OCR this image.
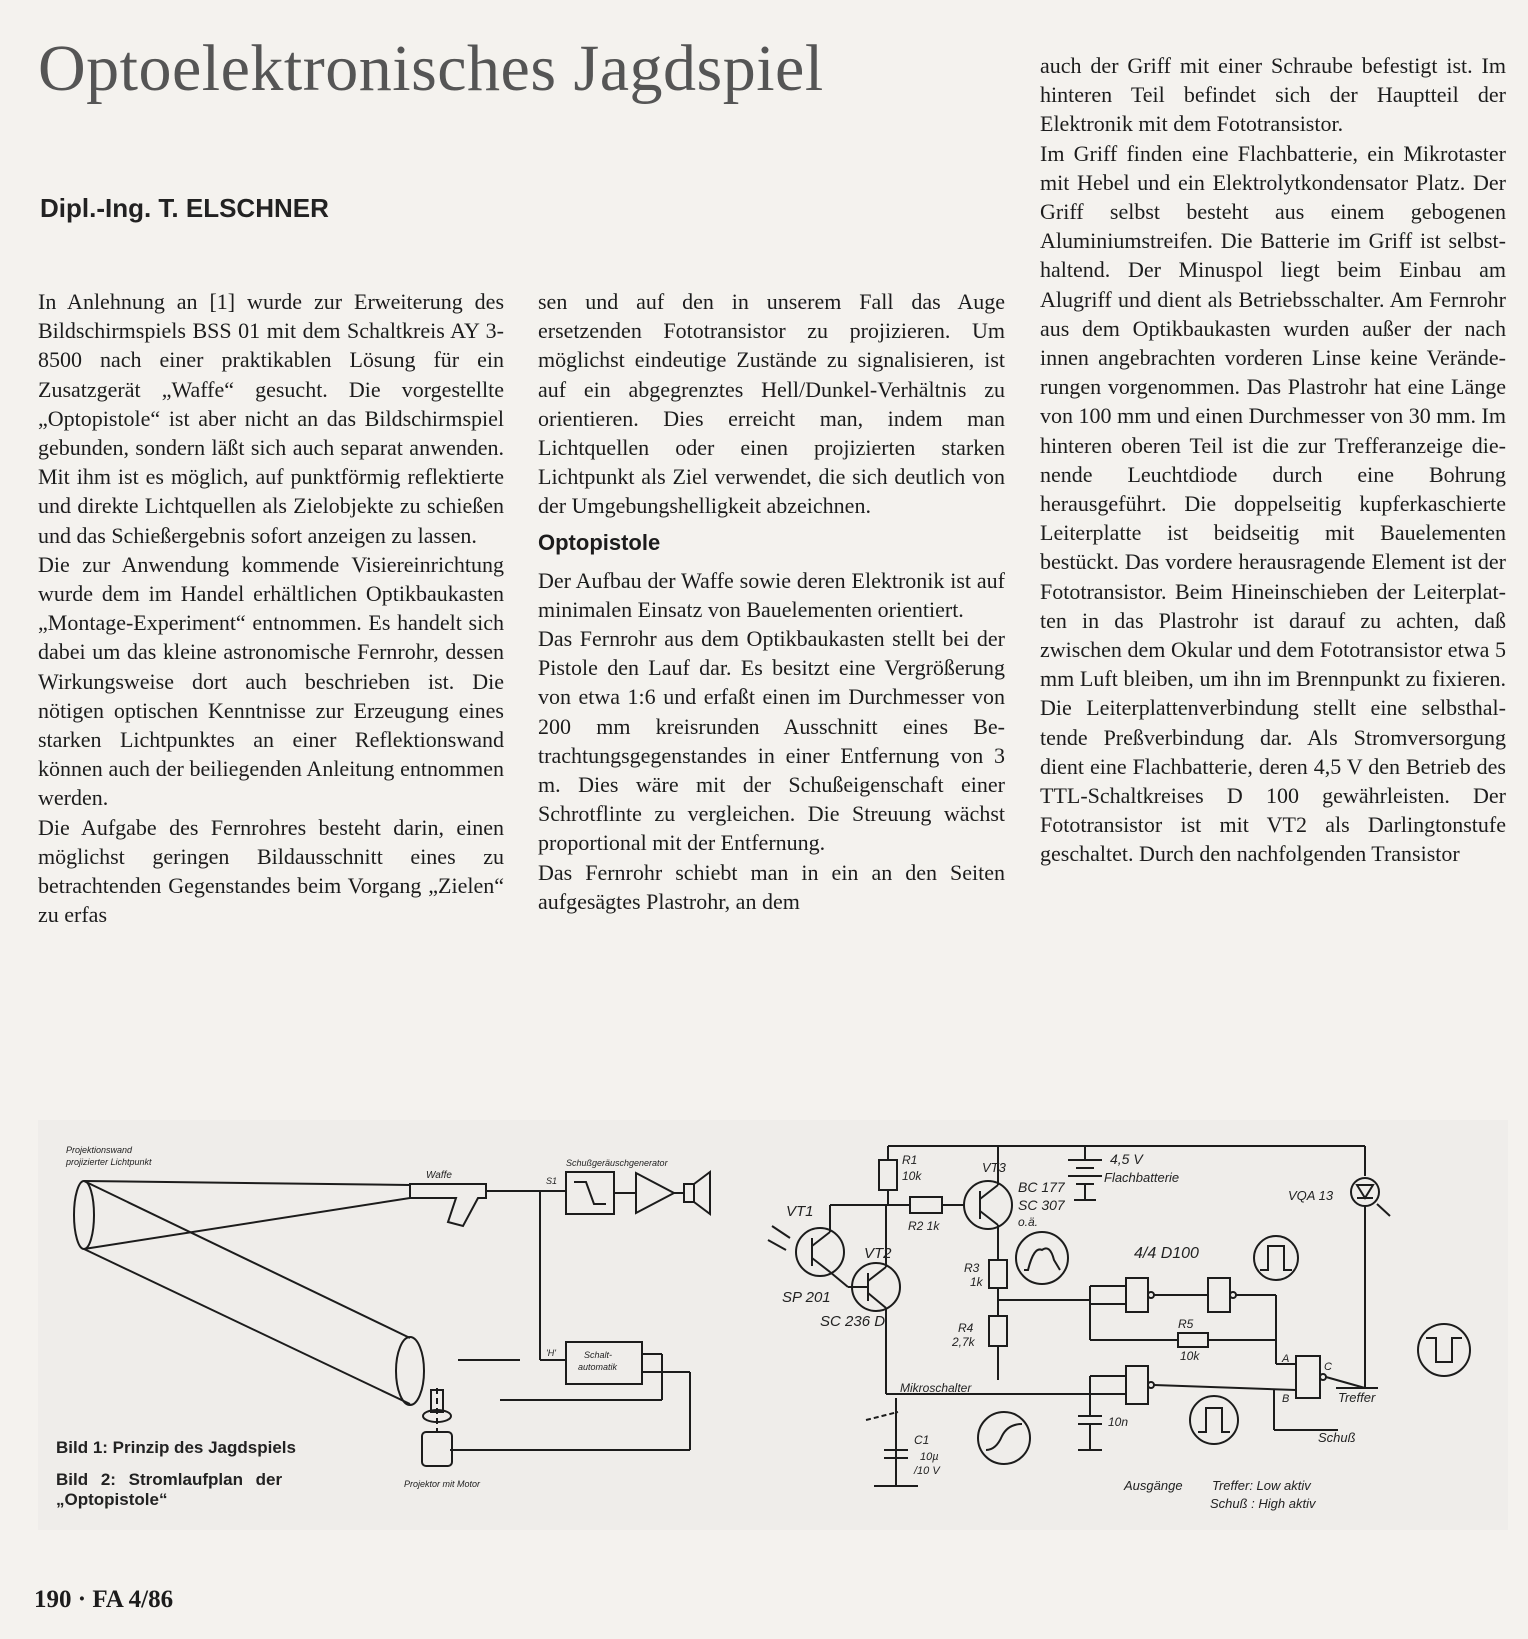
Optoelektronisches Jagdspiel
Dipl.-Ing. T. ELSCHNER

In Anlehnung an [1] wurde zur Erweiterung des Bildschirmspiels BSS 01 mit dem Schaltkreis AY 3-8500 nach einer praktikablen Lösung für ein Zusatzgerät „Waffe“ gesucht. Die vorgestellte „Optopistole“ ist aber nicht an das Bildschirmspiel gebunden, sondern läßt sich auch separat anwenden. Mit ihm ist es möglich, auf punktförmig reflektierte und direkte Lichtquellen als Zielobjekte zu schießen und das Schießergebnis sofort anzeigen zu lassen.

Die zur Anwendung kommende Visiereinrichtung wurde dem im Handel erhältlichen Optikbaukasten „Montage-Experiment“ entnommen. Es handelt sich dabei um das kleine astronomische Fernrohr, dessen Wirkungsweise dort auch beschrieben ist. Die nötigen optischen Kenntnisse zur Erzeugung eines starken Lichtpunktes an einer Reflektionswand können auch der beiliegenden Anleitung entnommen werden.

Die Aufgabe des Fernrohres besteht darin, einen möglichst geringen Bildausschnitt eines zu betrachtenden Gegenstandes beim Vorgang „Zielen“ zu erfas

sen und auf den in unserem Fall das Auge ersetzenden Fototransistor zu projizieren. Um möglichst eindeutige Zustände zu signalisieren, ist auf ein abgegrenztes Hell/Dunkel-Verhältnis zu orientieren. Dies erreicht man, indem man Lichtquellen oder einen projizierten starken Lichtpunkt als Ziel verwendet, die sich deutlich von der Umgebungshelligkeit abzeichnen.

Optopistole

Der Aufbau der Waffe sowie deren Elektronik ist auf minimalen Einsatz von Bauelementen orientiert.

Das Fernrohr aus dem Optikbaukasten stellt bei der Pistole den Lauf dar. Es besitzt eine Vergrößerung von etwa 1:6 und erfaßt einen im Durchmesser von 200 mm kreisrunden Ausschnitt eines Betrachtungsgegenstandes in einer Entfernung von 3 m. Dies wäre mit der Schußeigenschaft einer Schrotflinte zu vergleichen. Die Streuung wächst proportional mit der Entfernung.

Das Fernrohr schiebt man in ein an den Seiten aufgesägtes Plastrohr, an dem

auch der Griff mit einer Schraube befestigt ist. Im hinteren Teil befindet sich der Hauptteil der Elektronik mit dem Fototransistor.

Im Griff finden eine Flachbatterie, ein Mikrotaster mit Hebel und ein Elektrolytkondensator Platz. Der Griff selbst besteht aus einem gebogenen Aluminiumstreifen. Die Batterie im Griff ist selbsthaltend. Der Minuspol liegt beim Einbau am Alugriff und dient als Betriebsschalter. Am Fernrohr aus dem Optikbaukasten wurden außer der nach innen angebrachten vorderen Linse keine Veränderungen vorgenommen. Das Plastrohr hat eine Länge von 100 mm und einen Durchmesser von 30 mm. Im hinteren oberen Teil ist die zur Trefferanzeige dienende Leuchtdiode durch eine Bohrung herausgeführt. Die doppelseitig kupferkaschierte Leiterplatte ist beidseitig mit Bauelementen bestückt. Das vordere herausragende Element ist der Fototransistor. Beim Hineinschieben der Leiterplatten in das Plastrohr ist darauf zu achten, daß zwischen dem Okular und dem Fototransistor etwa 5 mm Luft bleiben, um ihn im Brennpunkt zu fixieren. Die Leiterplattenverbindung stellt eine selbsthaltende Preßverbindung dar. Als Stromversorgung dient eine Flachbatterie, deren 4,5 V den Betrieb des TTL-Schaltkreises D 100 gewährleisten. Der Fototransistor ist mit VT2 als Darlingtonstufe geschaltet. Durch den nachfolgenden Transistor

Projektionswand
projizierter Lichtpunkt
Waffe
Schußgeräuschgenerator
S1
'H'	Schalt-
automatik
Projektor mit Motor
VT1
SP 201
VT2
SC 236 D
R1
10k
R2 1k
VT3
BC 177
SC 307
o.ä.
4,5 V
Flachbatterie
VQA 13
R3
1k
R4
2,7k
4/4 D100
R5
10k
Mikroschalter
C1
10µ
/10 V
10n
A
B
C
Treffer
Schuß
Ausgänge Treffer: Low aktiv
Schuß : High aktiv
Bild 1: Prinzip des Jagdspiels
Bild 2: Stromlaufplan der
„Optopistole“
190 · FA 4/86
